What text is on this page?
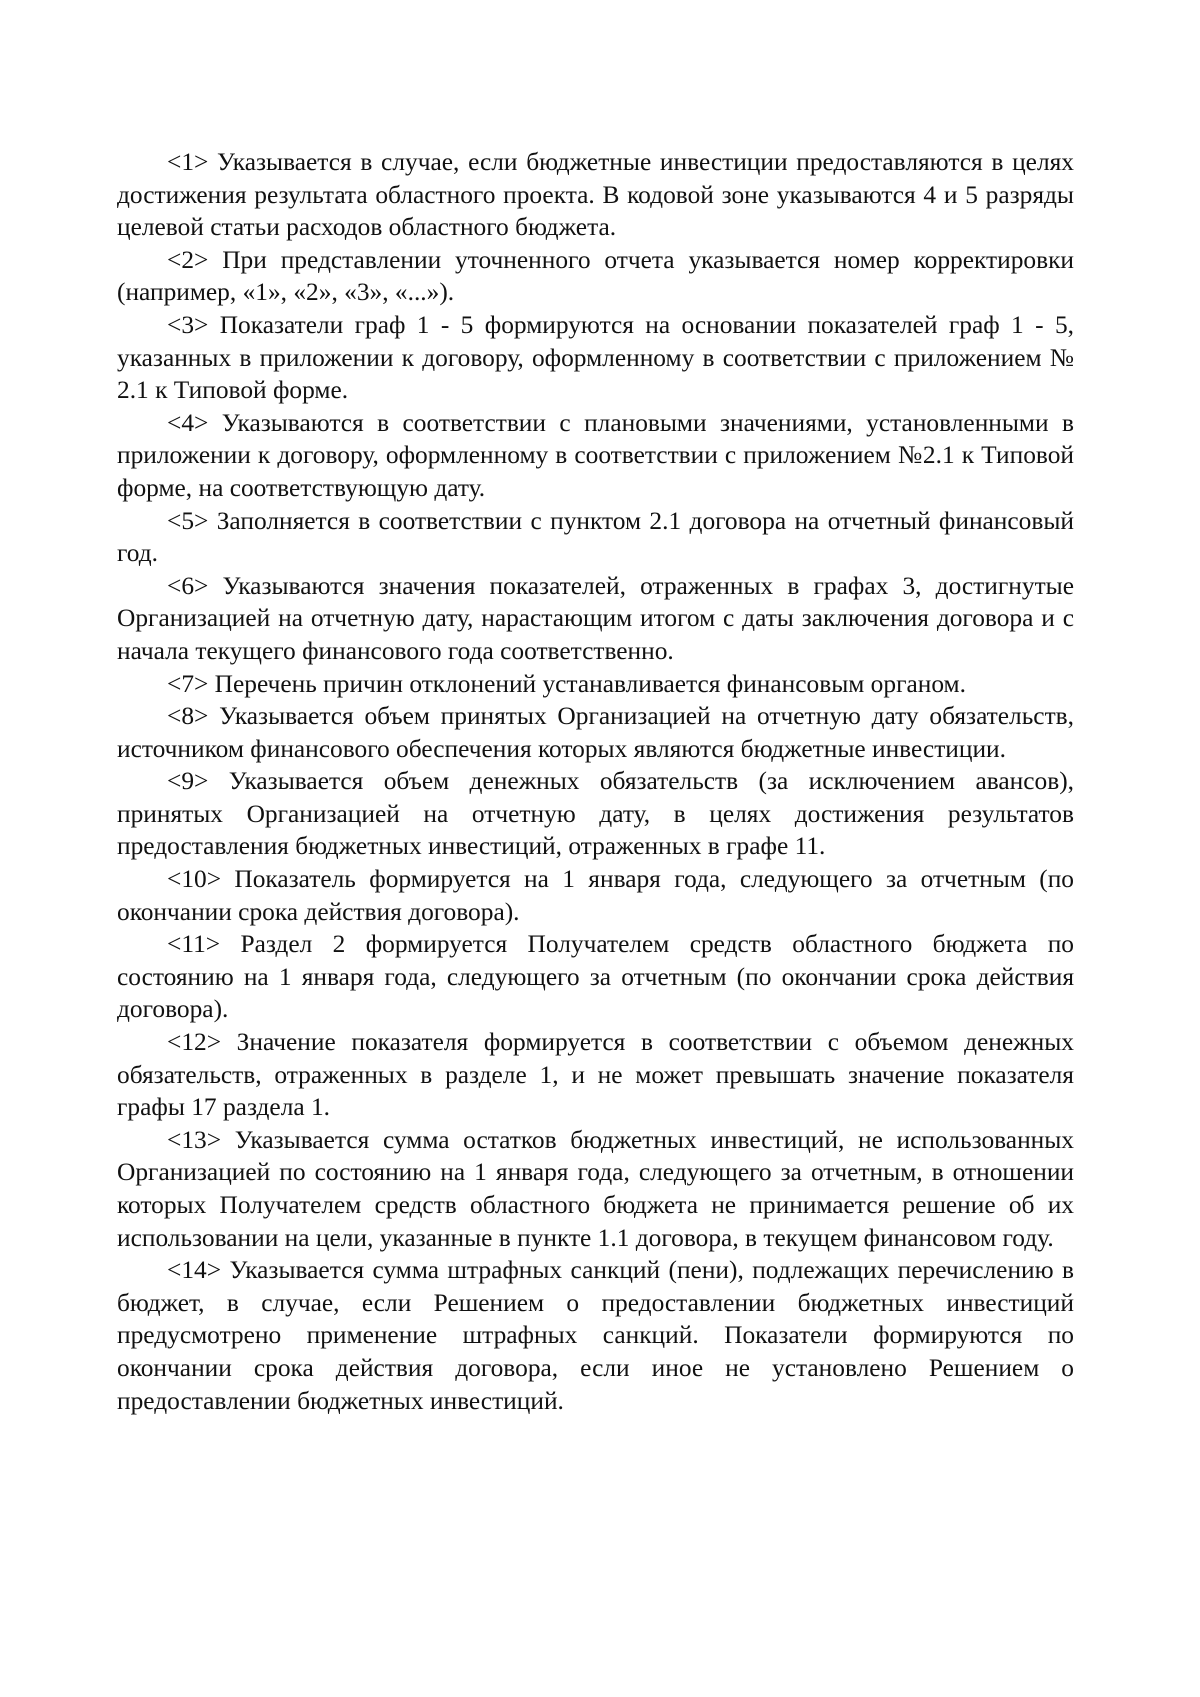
<1> Указывается в случае, если бюджетные инвестиции предоставляются в целях достижения результата областного проекта. В кодовой зоне указываются 4 и 5 разряды целевой статьи расходов областного бюджета.

<2> При представлении уточненного отчета указывается номер корректировки (например, «1», «2», «3», «...»).

<3> Показатели граф 1 - 5 формируются на основании показателей граф 1 - 5, указанных в приложении к договору, оформленному в соответствии с приложением № 2.1 к Типовой форме.

<4> Указываются в соответствии с плановыми значениями, установленными в приложении к договору, оформленному в соответствии с приложением №2.1 к Типовой форме, на соответствующую дату.

<5> Заполняется в соответствии с пунктом 2.1 договора на отчетный финансовый год.

<6> Указываются значения показателей, отраженных в графах 3, достигнутые Организацией на отчетную дату, нарастающим итогом с даты заключения договора и с начала текущего финансового года соответственно.

<7> Перечень причин отклонений устанавливается финансовым органом.

<8> Указывается объем принятых Организацией на отчетную дату обязательств, источником финансового обеспечения которых являются бюджетные инвестиции.

<9> Указывается объем денежных обязательств (за исключением авансов), принятых Организацией на отчетную дату, в целях достижения результатов предоставления бюджетных инвестиций, отраженных в графе 11.

<10> Показатель формируется на 1 января года, следующего за отчетным (по окончании срока действия договора).

<11> Раздел 2 формируется Получателем средств областного бюджета по состоянию на 1 января года, следующего за отчетным (по окончании срока действия договора).

<12> Значение показателя формируется в соответствии с объемом денежных обязательств, отраженных в разделе 1, и не может превышать значение показателя графы 17 раздела 1.

<13> Указывается сумма остатков бюджетных инвестиций, не использованных Организацией по состоянию на 1 января года, следующего за отчетным, в отношении которых Получателем средств областного бюджета не принимается решение об их использовании на цели, указанные в пункте 1.1 договора, в текущем финансовом году.

<14> Указывается сумма штрафных санкций (пени), подлежащих перечислению в бюджет, в случае, если Решением о предоставлении бюджетных инвестиций предусмотрено применение штрафных санкций. Показатели формируются по окончании срока действия договора, если иное не установлено Решением о предоставлении бюджетных инвестиций.
